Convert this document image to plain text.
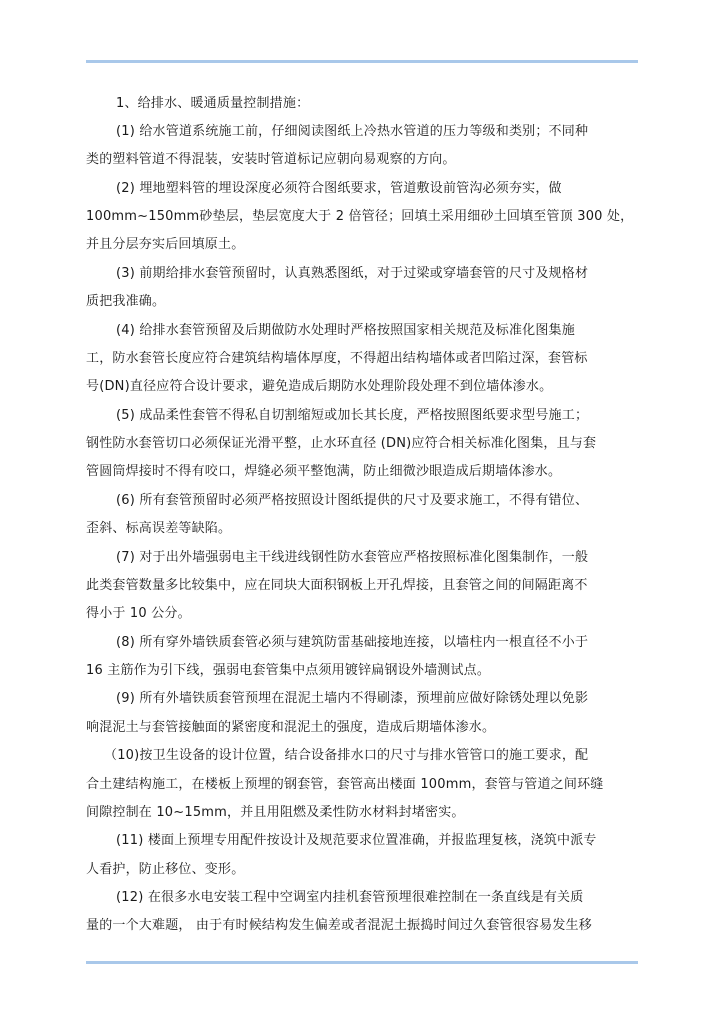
1、给排水、暖通质量控制措施：
(1) 给水管道系统施工前，仔细阅读图纸上冷热水管道的压力等级和类别；不同种
类的塑料管道不得混装，安装时管道标记应朝向易观察的方向。
(2) 埋地塑料管的埋设深度必须符合图纸要求，管道敷设前管沟必须夯实，做
100mm~150mm砂垫层，垫层宽度大于 2 倍管径；回填土采用细砂土回填至管顶 300 处，
并且分层夯实后回填原土。
(3) 前期给排水套管预留时，认真熟悉图纸，对于过梁或穿墙套管的尺寸及规格材
质把我准确。
(4) 给排水套管预留及后期做防水处理时严格按照国家相关规范及标准化图集施
工，防水套管长度应符合建筑结构墙体厚度，不得超出结构墙体或者凹陷过深，套管标
号(DN)直径应符合设计要求，避免造成后期防水处理阶段处理不到位墙体渗水。
(5) 成品柔性套管不得私自切割缩短或加长其长度，严格按照图纸要求型号施工；
钢性防水套管切口必须保证光滑平整，止水环直径 (DN)应符合相关标准化图集，且与套
管圆筒焊接时不得有咬口，焊缝必须平整饱满，防止细微沙眼造成后期墙体渗水。
(6) 所有套管预留时必须严格按照设计图纸提供的尺寸及要求施工，不得有错位、
歪斜、标高误差等缺陷。
(7) 对于出外墙强弱电主干线进线钢性防水套管应严格按照标准化图集制作，一般
此类套管数量多比较集中，应在同块大面积钢板上开孔焊接，且套管之间的间隔距离不
得小于 10 公分。
(8) 所有穿外墙铁质套管必须与建筑防雷基础接地连接，以墙柱内一根直径不小于
16 主筋作为引下线，强弱电套管集中点须用镀锌扁钢设外墙测试点。
(9) 所有外墙铁质套管预埋在混泥土墙内不得刷漆，预埋前应做好除锈处理以免影
响混泥土与套管接触面的紧密度和混泥土的强度，造成后期墙体渗水。
（10)按卫生设备的设计位置，结合设备排水口的尺寸与排水管管口的施工要求，配
合土建结构施工，在楼板上预埋的钢套管，套管高出楼面 100mm，套管与管道之间环缝
间隙控制在 10~15mm，并且用阻燃及柔性防水材料封堵密实。
(11) 楼面上预埋专用配件按设计及规范要求位置准确，并报监理复核，浇筑中派专
人看护，防止移位、变形。
(12) 在很多水电安装工程中空调室内挂机套管预埋很难控制在一条直线是有关质
量的一个大难题， 由于有时候结构发生偏差或者混泥土振捣时间过久套管很容易发生移
